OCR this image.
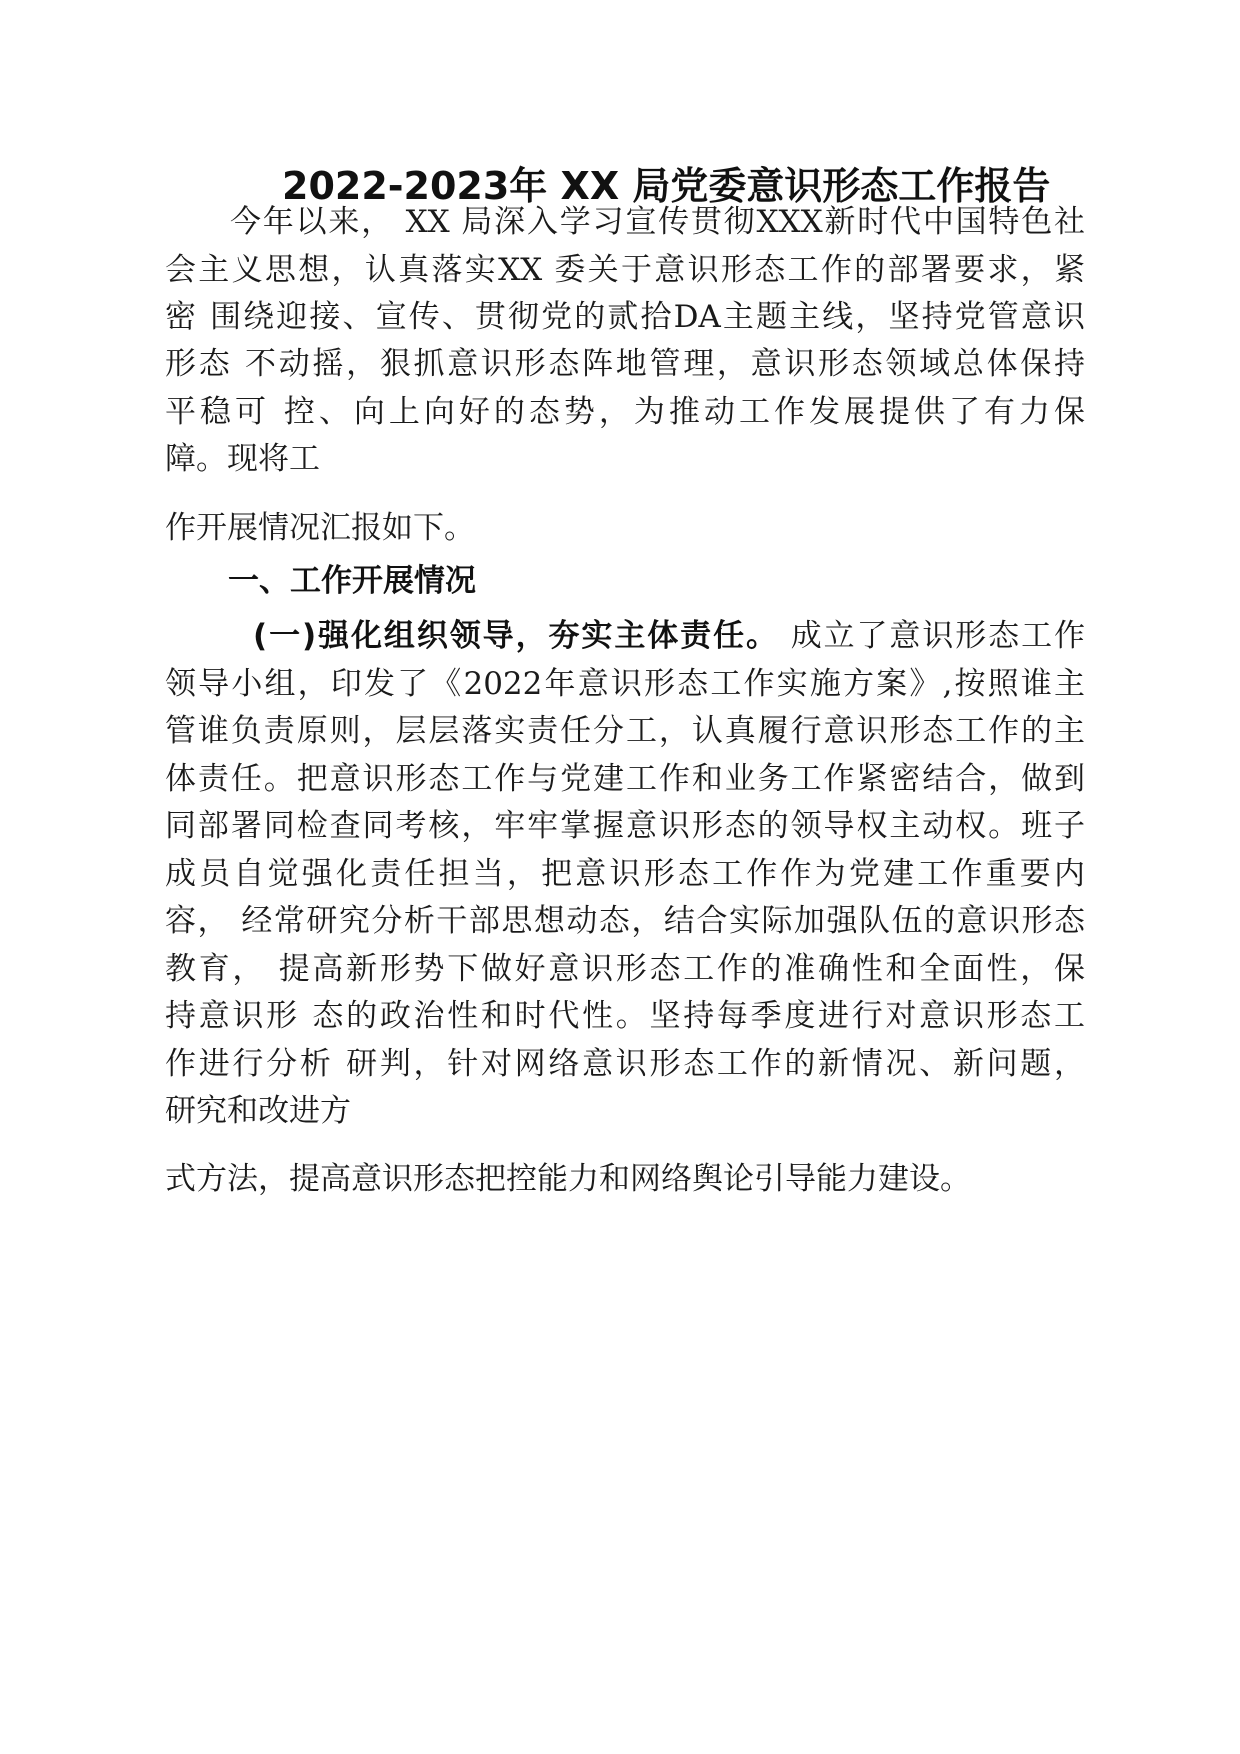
2022-2023年 XX 局党委意识形态工作报告
今年以来， XX 局深入学习宣传贯彻XXX新时代中国特色社
会主义思想，认真落实XX 委关于意识形态工作的部署要求，紧
密 围绕迎接、宣传、贯彻党的贰拾DA主题主线，坚持党管意识
形态 不动摇，狠抓意识形态阵地管理，意识形态领域总体保持
平稳可 控、向上向好的态势，为推动工作发展提供了有力保
障。现将工
作开展情况汇报如下。
一、工作开展情况
(一)强化组织领导，夯实主体责任。 成立了意识形态工作
领导小组，印发了《2022年意识形态工作实施方案》,按照谁主
管谁负责原则，层层落实责任分工，认真履行意识形态工作的主
体责任。把意识形态工作与党建工作和业务工作紧密结合，做到
同部署同检查同考核，牢牢掌握意识形态的领导权主动权。班子
成员自觉强化责任担当，把意识形态工作作为党建工作重要内
容， 经常研究分析干部思想动态，结合实际加强队伍的意识形态
教育， 提高新形势下做好意识形态工作的准确性和全面性，保
持意识形 态的政治性和时代性。坚持每季度进行对意识形态工
作进行分析 研判，针对网络意识形态工作的新情况、新问题，
研究和改进方
式方法，提高意识形态把控能力和网络舆论引导能力建设。
